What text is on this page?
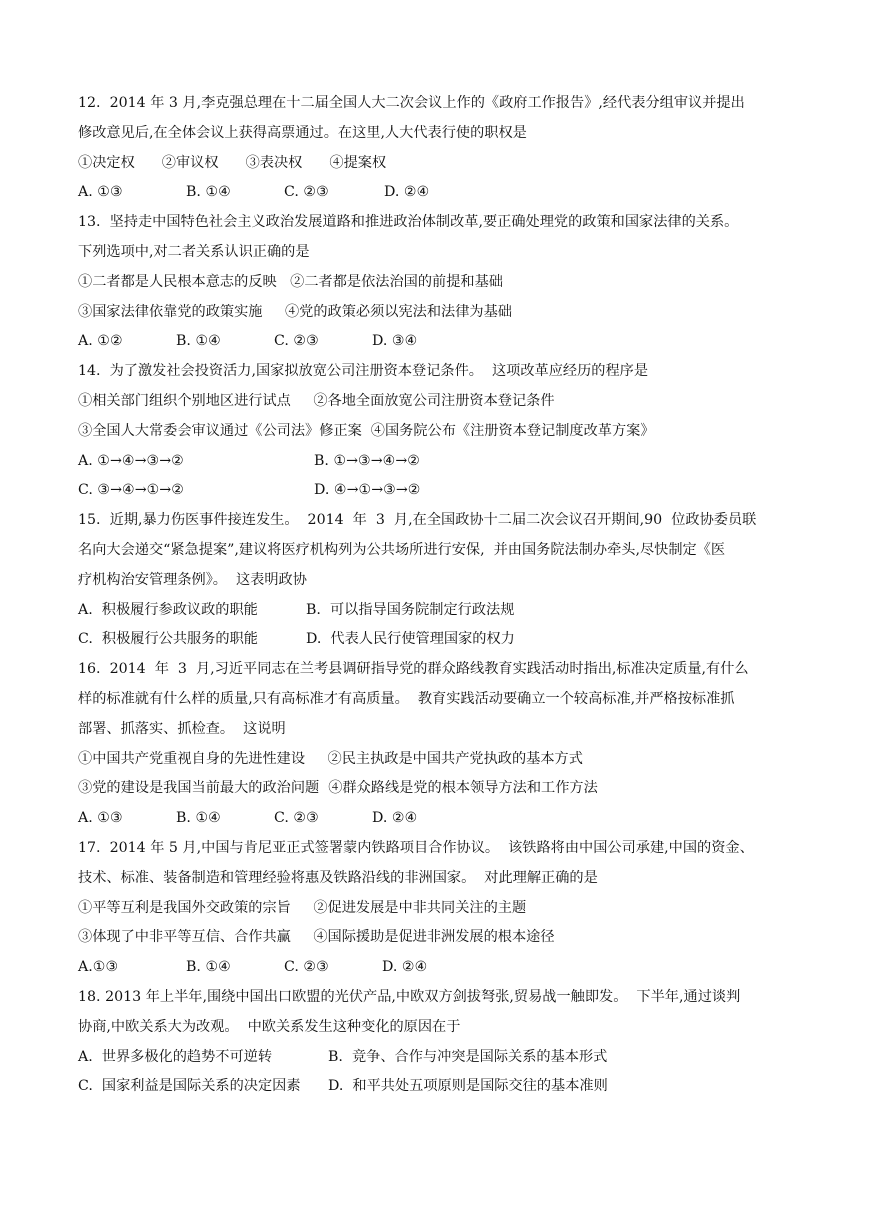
12.  2014 年 3 月,李克强总理在十二届全国人大二次会议上作的《政府工作报告》,经代表分组审议并提出
修改意见后,在全体会议上获得高票通过。在这里,人大代表行使的职权是
①决定权      ②审议权      ③表决权      ④提案权
A. ①③	B. ①④	C. ②③	D. ②④
13.  坚持走中国特色社会主义政治发展道路和推进政治体制改革,要正确处理党的政策和国家法律的关系。
下列选项中,对二者关系认识正确的是
①二者都是人民根本意志的反映   ②二者都是依法治国的前提和基础
③国家法律依靠党的政策实施     ④党的政策必须以宪法和法律为基础
A. ①②	B. ①④	C. ②③	D. ③④
14.  为了激发社会投资活力,国家拟放宽公司注册资本登记条件。  这项改革应经历的程序是
①相关部门组织个别地区进行试点     ②各地全面放宽公司注册资本登记条件
③全国人大常委会审议通过《公司法》修正案  ④国务院公布《注册资本登记制度改革方案》
A. ①→④→③→②	B. ①→③→④→②
C. ③→④→①→②	D. ④→①→③→②
15.  近期,暴力伤医事件接连发生。  2014  年  3  月,在全国政协十二届二次会议召开期间,90  位政协委员联
名向大会递交“紧急提案”,建议将医疗机构列为公共场所进行安保,  并由国务院法制办牵头,尽快制定《医
疗机构治安管理条例》。  这表明政协
A.  积极履行参政议政的职能	B.  可以指导国务院制定行政法规
C.  积极履行公共服务的职能	D.  代表人民行使管理国家的权力
16.  2014  年  3  月,习近平同志在兰考县调研指导党的群众路线教育实践活动时指出,标准决定质量,有什么
样的标准就有什么样的质量,只有高标准才有高质量。  教育实践活动要确立一个较高标准,并严格按标准抓
部署、抓落实、抓检查。  这说明
①中国共产党重视自身的先进性建设     ②民主执政是中国共产党执政的基本方式
③党的建设是我国当前最大的政治问题  ④群众路线是党的根本领导方法和工作方法
A. ①③	B. ①④	C. ②③	D. ②④
17.  2014 年 5 月,中国与肯尼亚正式签署蒙内铁路项目合作协议。  该铁路将由中国公司承建,中国的资金、
技术、标准、装备制造和管理经验将惠及铁路沿线的非洲国家。  对此理解正确的是
①平等互利是我国外交政策的宗旨     ②促进发展是中非共同关注的主题
③体现了中非平等互信、合作共赢     ④国际援助是促进非洲发展的根本途径
A.①③	B. ①④	C. ②③	D. ②④
18. 2013 年上半年,围绕中国出口欧盟的光伏产品,中欧双方剑拔弩张,贸易战一触即发。  下半年,通过谈判
协商,中欧关系大为改观。  中欧关系发生这种变化的原因在于
A.  世界多极化的趋势不可逆转	B.  竞争、合作与冲突是国际关系的基本形式
C.  国家利益是国际关系的决定因素	D.  和平共处五项原则是国际交往的基本准则
